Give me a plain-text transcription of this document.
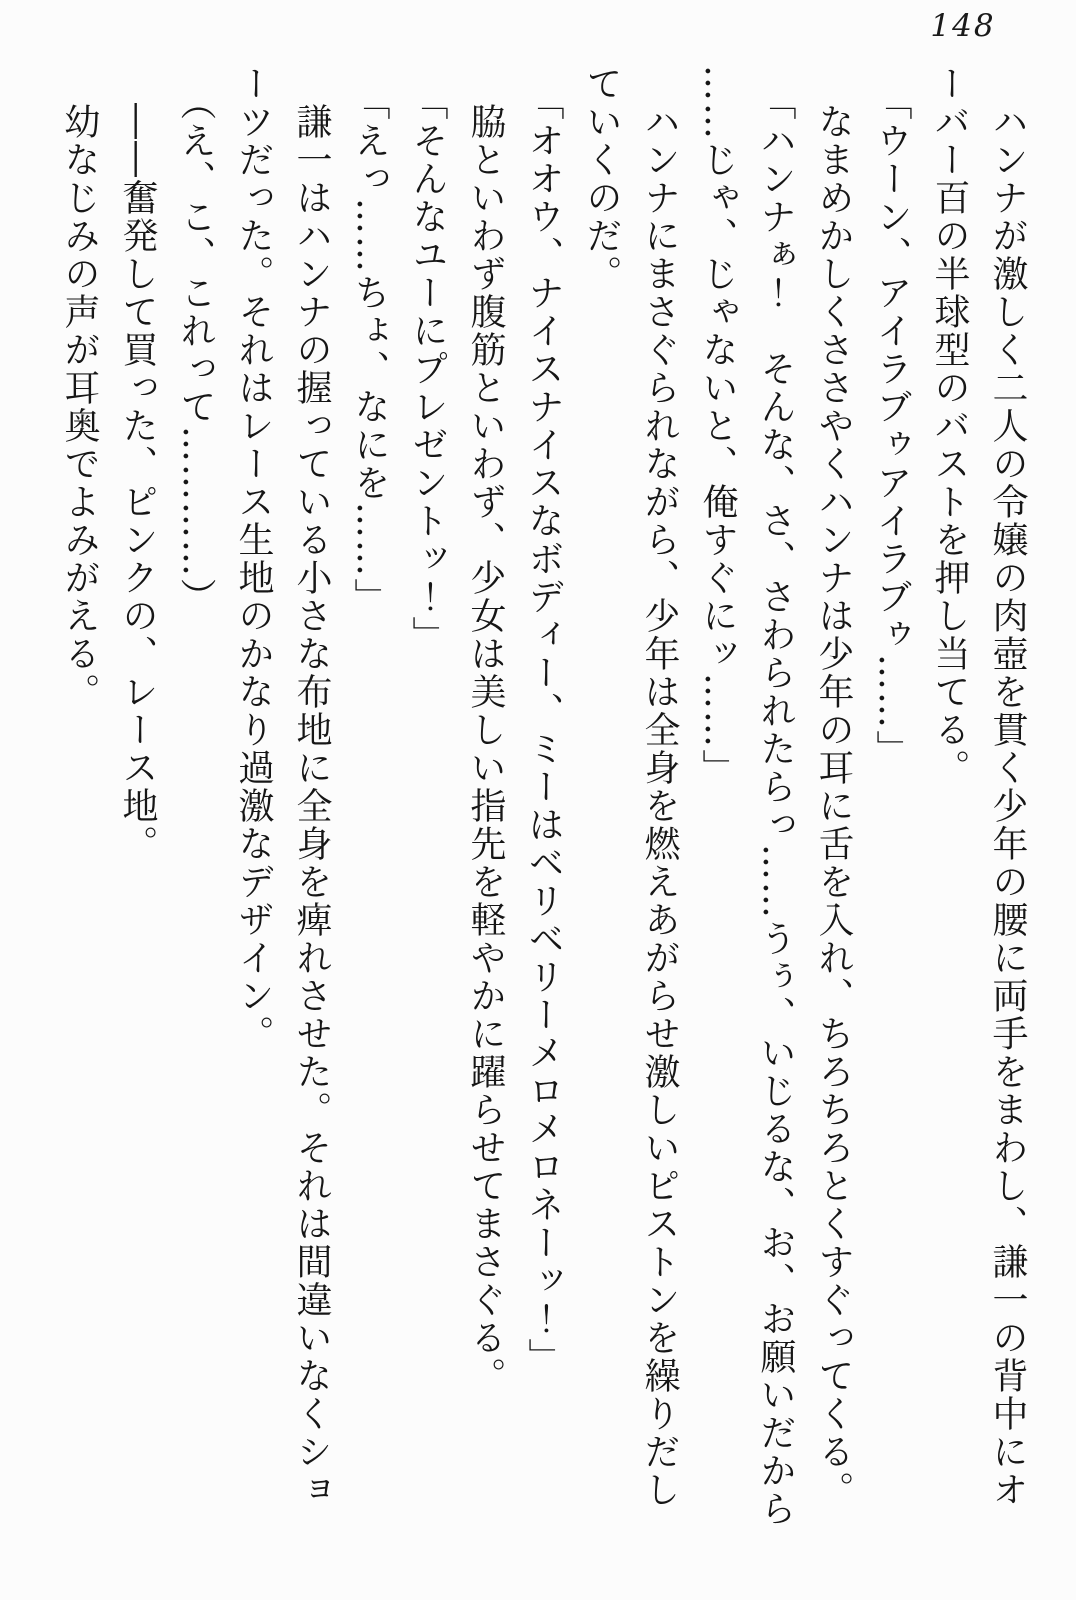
148
ハンナが激しく二人の令嬢の肉壺を貫く少年の腰に両手をまわし、謙一の背中にオ
ーバー百の半球型のバストを押し当てる。
「ウーン、アイラブゥアイラブゥ……」
なまめかしくささやくハンナは少年の耳に舌を入れ、ちろちろとくすぐってくる。
「ハンナぁ！　そんな、さ、さわられたらっ……うぅ、いじるな、お、お願いだから
……じゃ、じゃないと、俺すぐにッ……」
ハンナにまさぐられながら、少年は全身を燃えあがらせ激しいピストンを繰りだし
ていくのだ。
「オオウ、ナイスナイスなボディー、ミーはベリベリーメロメロネーッ！」
脇といわず腹筋といわず、少女は美しい指先を軽やかに躍らせてまさぐる。
「そんなユーにプレゼントッ！」
「えっ……ちょ、なにを……」
謙一はハンナの握っている小さな布地に全身を痺れさせた。それは間違いなくショ
ーツだった。それはレース生地のかなり過激なデザイン。
（え、こ、これって…………）
――奮発して買った、ピンクの、レース地。
幼なじみの声が耳奥でよみがえる。
